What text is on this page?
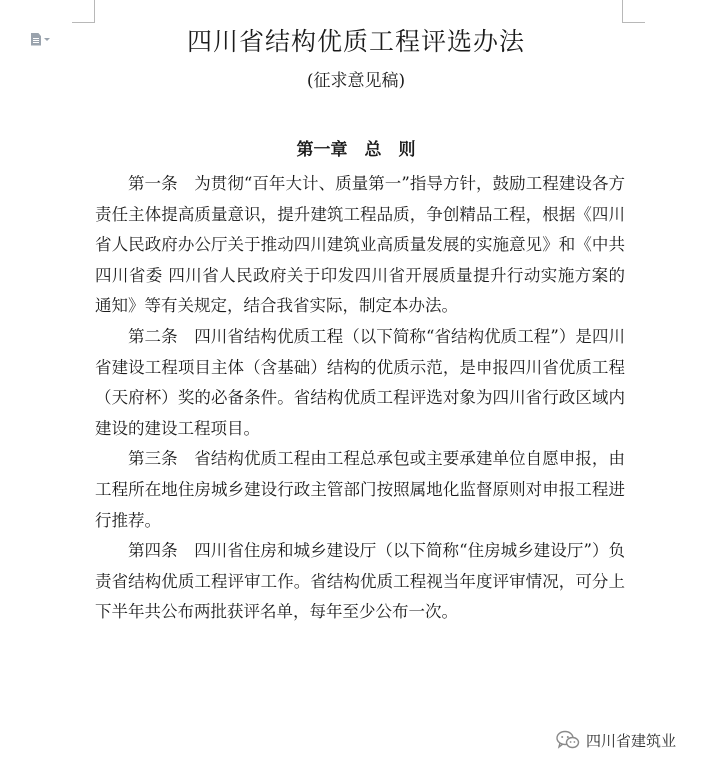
四川省结构优质工程评选办法
(征求意见稿)
第一章　总　则

第一条　为贯彻“百年大计、质量第一”指导方针，鼓励工程建设各方责任主体提高质量意识，提升建筑工程品质，争创精品工程，根据《四川省人民政府办公厅关于推动四川建筑业高质量发展的实施意见》和《中共四川省委 四川省人民政府关于印发四川省开展质量提升行动实施方案的通知》等有关规定，结合我省实际，制定本办法。

第二条　四川省结构优质工程（以下简称“省结构优质工程”）是四川省建设工程项目主体（含基础）结构的优质示范，是申报四川省优质工程（天府杯）奖的必备条件。省结构优质工程评选对象为四川省行政区域内建设的建设工程项目。

第三条　省结构优质工程由工程总承包或主要承建单位自愿申报，由工程所在地住房城乡建设行政主管部门按照属地化监督原则对申报工程进行推荐。

第四条　四川省住房和城乡建设厅（以下简称“住房城乡建设厅”）负责省结构优质工程评审工作。省结构优质工程视当年度评审情况，可分上下半年共公布两批获评名单，每年至少公布一次。

四川省建筑业
